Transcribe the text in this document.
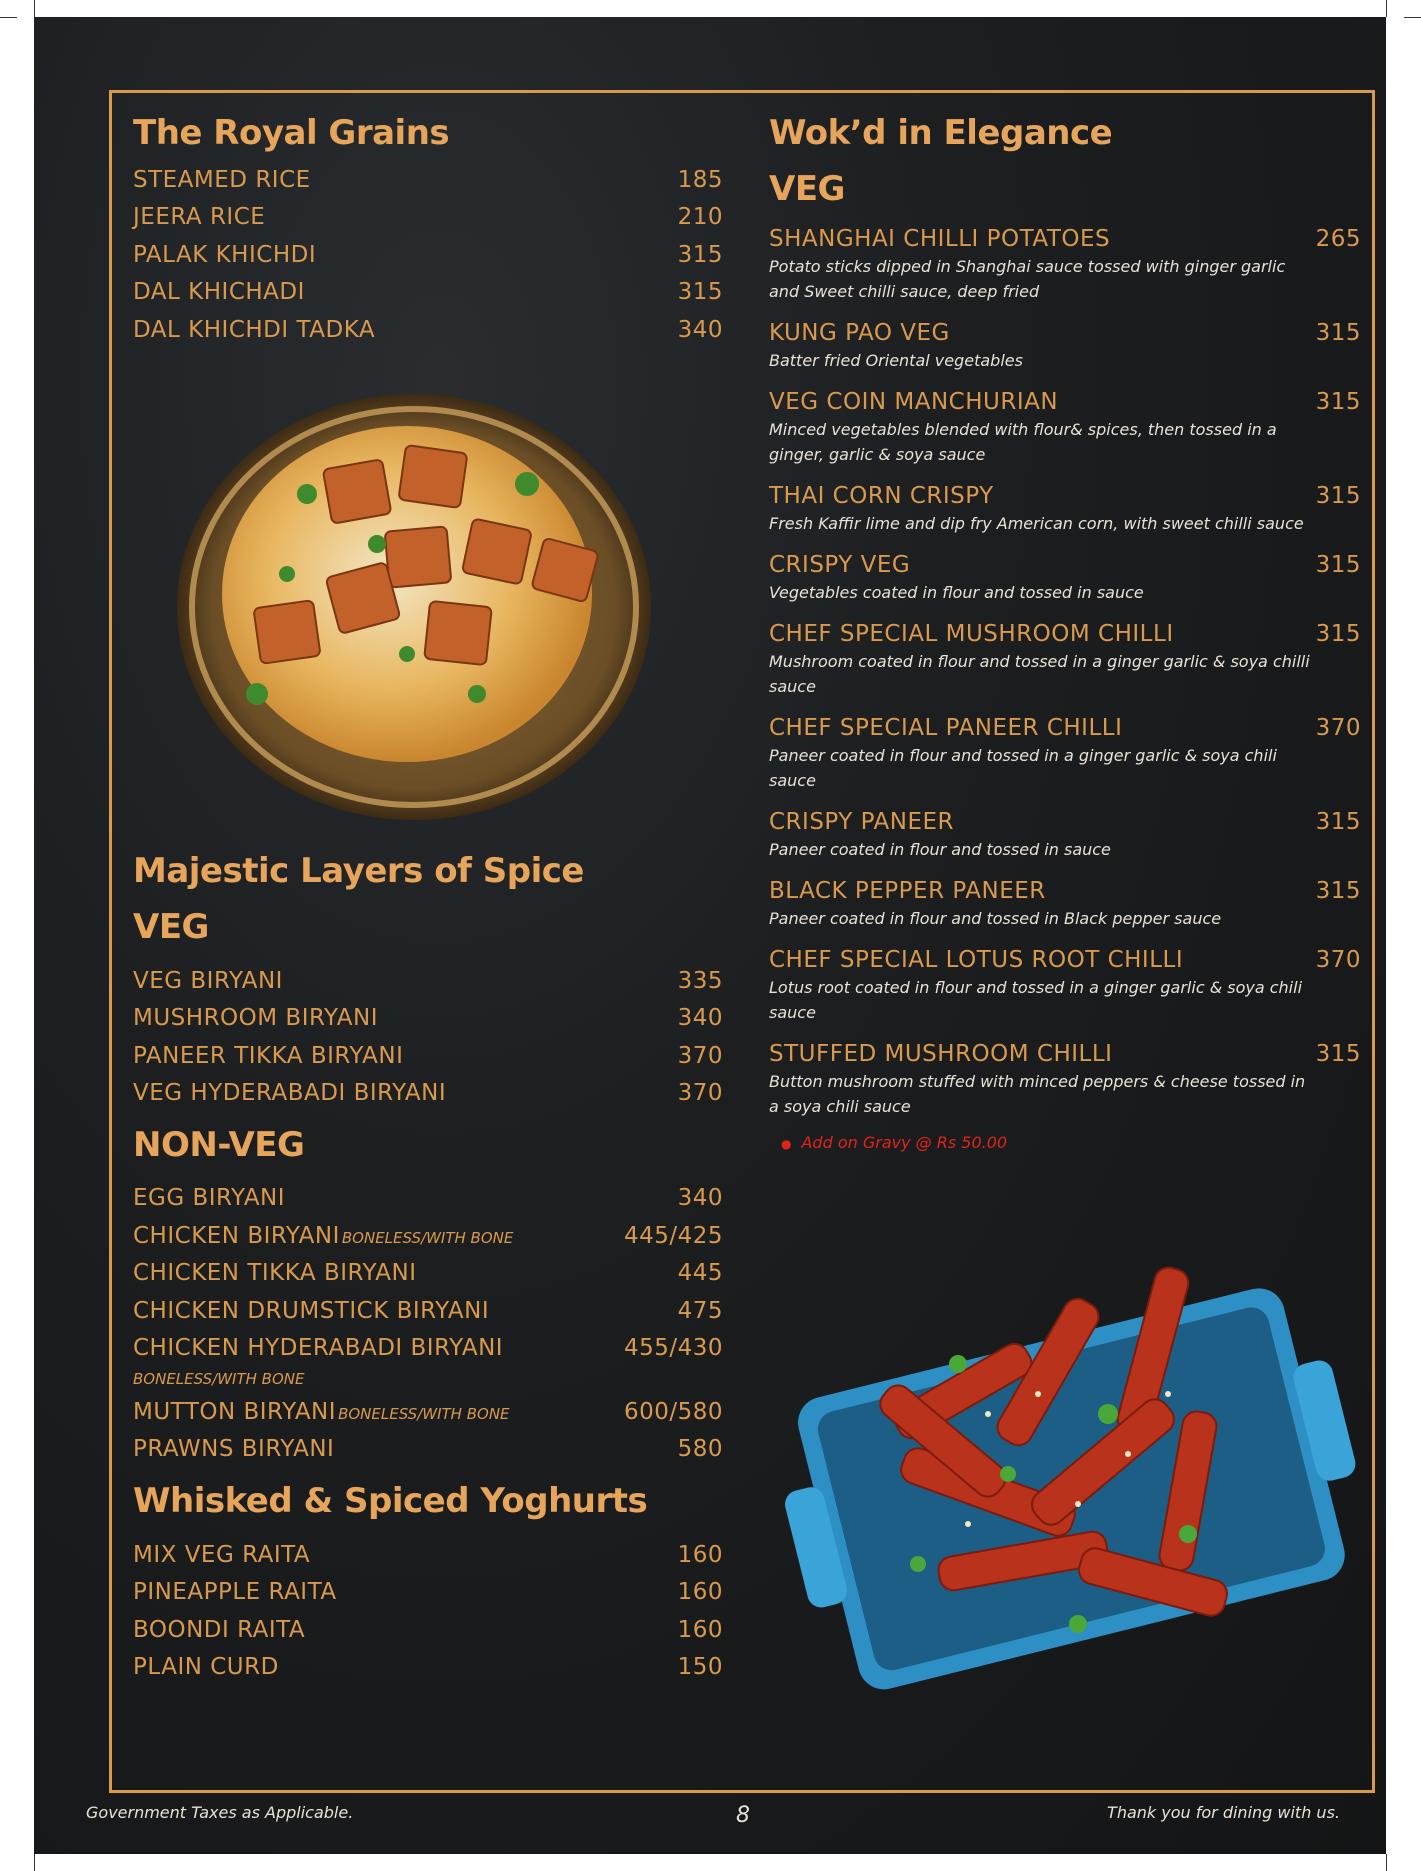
The Royal Grains
STEAMED RICE	185
JEERA RICE	210
PALAK KHICHDI	315
DAL KHICHADI	315
DAL KHICHDI TADKA	340
Majestic Layers of Spice
VEG
VEG BIRYANI	335
MUSHROOM BIRYANI	340
PANEER TIKKA BIRYANI	370
VEG HYDERABADI BIRYANI	370
NON-VEG
EGG BIRYANI	340
CHICKEN BIRYANI BONELESS/WITH BONE	445/425
CHICKEN TIKKA BIRYANI	445
CHICKEN DRUMSTICK BIRYANI	475
CHICKEN HYDERABADI BIRYANI	455/430
BONELESS/WITH BONE
MUTTON BIRYANI BONELESS/WITH BONE	600/580
PRAWNS BIRYANI	580
Whisked & Spiced Yoghurts
MIX VEG RAITA	160
PINEAPPLE RAITA	160
BOONDI RAITA	160
PLAIN CURD	150
Wok’d in Elegance
VEG
SHANGHAI CHILLI POTATOES	265
Potato sticks dipped in Shanghai sauce tossed with ginger garlic and Sweet chilli sauce, deep fried
KUNG PAO VEG	315
Batter fried Oriental vegetables
VEG COIN MANCHURIAN	315
Minced vegetables blended with flour& spices, then tossed in a ginger, garlic & soya sauce
THAI CORN CRISPY	315
Fresh Kaffir lime and dip fry American corn, with sweet chilli sauce
CRISPY VEG	315
Vegetables coated in flour and tossed in sauce
CHEF SPECIAL MUSHROOM CHILLI	315
Mushroom coated in flour and tossed in a ginger garlic & soya chilli sauce
CHEF SPECIAL PANEER CHILLI	370
Paneer coated in flour and tossed in a ginger garlic & soya chili sauce
CRISPY PANEER	315
Paneer coated in flour and tossed in sauce
BLACK PEPPER PANEER	315
Paneer coated in flour and tossed in Black pepper sauce
CHEF SPECIAL LOTUS ROOT CHILLI	370
Lotus root coated in flour and tossed in a ginger garlic & soya chili sauce
STUFFED MUSHROOM CHILLI	315
Button mushroom stuffed with minced peppers & cheese tossed in a soya chili sauce
● Add on Gravy @ Rs 50.00
Government Taxes as Applicable.	8	Thank you for dining with us.
